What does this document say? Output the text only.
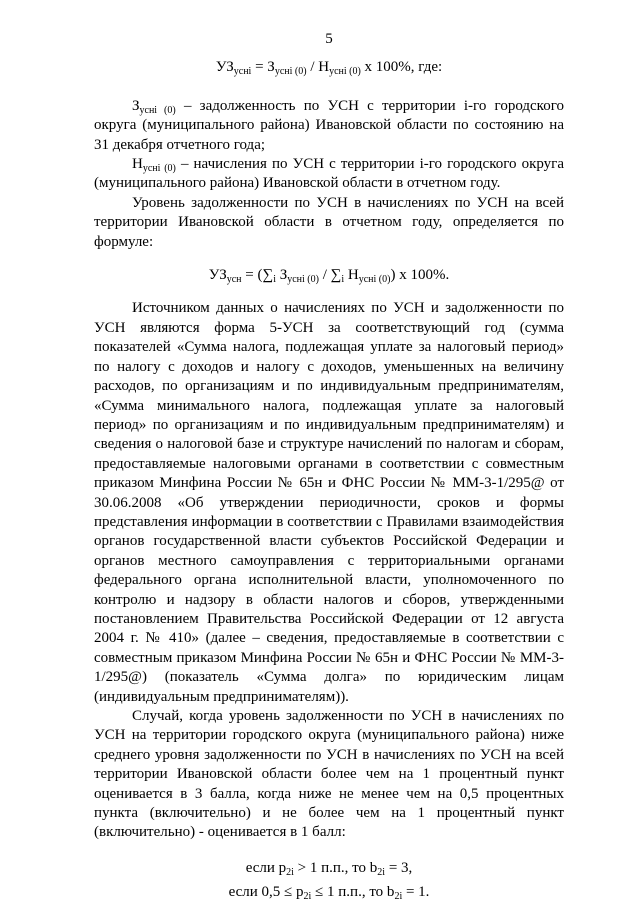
5
$УЗ_{усні} = З_{усні (0)} / Н_{усні (0)}$ x 100%, где:

$З_{усні (0)}$ – задолженность по УСН с территории i-го городского округа (муниципального района) Ивановской области по состоянию на 31 декабря отчетного года;

$Н_{усні (0)}$ – начисления по УСН с территории i-го городского округа (муниципального района) Ивановской области в отчетном году.

Уровень задолженности по УСН в начислениях по УСН на всей территории Ивановской области в отчетном году, определяется по формуле:

$УЗ_{усн} = (\sum_i$ $З_{усні (0)} / \sum_i$ $Н_{усні (0)}$) x 100%.

Источником данных о начислениях по УСН и задолженности по УСН являются форма 5-УСН за соответствующий год (сумма показателей «Сумма налога, подлежащая уплате за налоговый период» по налогу с доходов и налогу с доходов, уменьшенных на величину расходов, по организациям и по индивидуальным предпринимателям, «Сумма минимального налога, подлежащая уплате за налоговый период» по организациям и по индивидуальным предпринимателям) и сведения о налоговой базе и структуре начислений по налогам и сборам, предоставляемые налоговыми органами в соответствии с совместным приказом Минфина России № 65н и ФНС России № ММ-3-1/295@ от 30.06.2008 «Об утверждении периодичности, сроков и формы представления информации в соответствии с Правилами взаимодействия органов государственной власти субъектов Российской Федерации и органов местного самоуправления с территориальными органами федерального органа исполнительной власти, уполномоченного по контролю и надзору в области налогов и сборов, утвержденными постановлением Правительства Российской Федерации от 12 августа 2004 г. № 410» (далее – сведения, предоставляемые в соответствии с совместным приказом Минфина России № 65н и ФНС России № ММ-3-1/295@) (показатель «Сумма долга» по юридическим лицам (индивидуальным предпринимателям)).

Случай, когда уровень задолженности по УСН в начислениях по УСН на территории городского округа (муниципального района) ниже среднего уровня задолженности по УСН в начислениях по УСН на всей территории Ивановской области более чем на 1 процентный пункт оценивается в 3 балла, когда ниже не менее чем на 0,5 процентных пункта (включительно) и не более чем на 1 процентный пункт (включительно) - оценивается в 1 балл:

если $p_{2i} > 1$ п.п., то $b_{2i} = 3$,
если $0,5 \le p_{2i} \le 1$ п.п., то $b_{2i} = 1$.
